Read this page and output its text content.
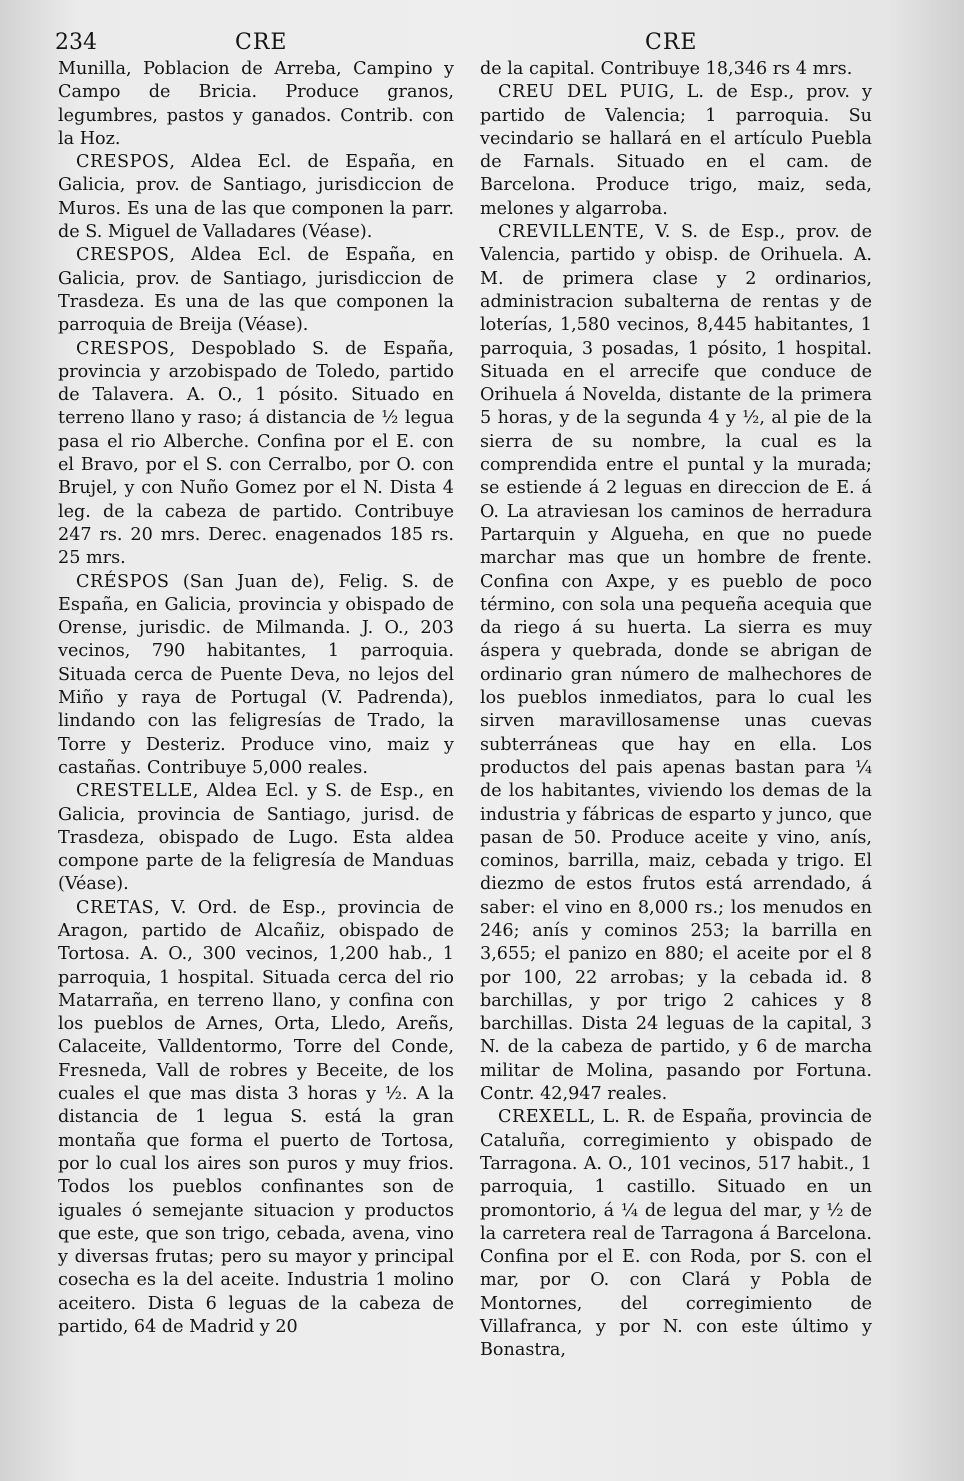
234	CRE	CRE

Munilla, Poblacion de Arreba, Campino y Campo de Bricia. Produce granos, legumbres, pastos y ganados. Contrib. con la Hoz.

CRESPOS, Aldea Ecl. de España, en Galicia, prov. de Santiago, jurisdiccion de Muros. Es una de las que componen la parr. de S. Miguel de Valladares (Véase).

CRESPOS, Aldea Ecl. de España, en Galicia, prov. de Santiago, jurisdiccion de Trasdeza. Es una de las que componen la parroquia de Breija (Véase).

CRESPOS, Despoblado S. de España, provincia y arzobispado de Toledo, partido de Talavera. A. O., 1 pósito. Situado en terreno llano y raso; á distancia de ½ legua pasa el rio Alberche. Confina por el E. con el Bravo, por el S. con Cerralbo, por O. con Brujel, y con Nuño Gomez por el N. Dista 4 leg. de la cabeza de partido. Contribuye 247 rs. 20 mrs. Derec. enagenados 185 rs. 25 mrs.

CRÉSPOS (San Juan de), Felig. S. de España, en Galicia, provincia y obispado de Orense, jurisdic. de Milmanda. J. O., 203 vecinos, 790 habitantes, 1 parroquia. Situada cerca de Puente Deva, no lejos del Miño y raya de Portugal (V. Padrenda), lindando con las feligresías de Trado, la Torre y Desteriz. Produce vino, maiz y castañas. Contribuye 5,000 reales.

CRESTELLE, Aldea Ecl. y S. de Esp., en Galicia, provincia de Santiago, jurisd. de Trasdeza, obispado de Lugo. Esta aldea compone parte de la feligresía de Manduas (Véase).

CRETAS, V. Ord. de Esp., provincia de Aragon, partido de Alcañiz, obispado de Tortosa. A. O., 300 vecinos, 1,200 hab., 1 parroquia, 1 hospital. Situada cerca del rio Matarraña, en terreno llano, y confina con los pueblos de Arnes, Orta, Lledo, Areñs, Calaceite, Valldentormo, Torre del Conde, Fresneda, Vall de robres y Beceite, de los cuales el que mas dista 3 horas y ½. A la distancia de 1 legua S. está la gran montaña que forma el puerto de Tortosa, por lo cual los aires son puros y muy frios. Todos los pueblos confinantes son de iguales ó semejante situacion y productos que este, que son trigo, cebada, avena, vino y diversas frutas; pero su mayor y principal cosecha es la del aceite. Industria 1 molino aceitero. Dista 6 leguas de la cabeza de partido, 64 de Madrid y 20

de la capital. Contribuye 18,346 rs 4 mrs.

CREU DEL PUIG, L. de Esp., prov. y partido de Valencia; 1 parroquia. Su vecindario se hallará en el artículo Puebla de Farnals. Situado en el cam. de Barcelona. Produce trigo, maiz, seda, melones y algarroba.

CREVILLENTE, V. S. de Esp., prov. de Valencia, partido y obisp. de Orihuela. A. M. de primera clase y 2 ordinarios, administracion subalterna de rentas y de loterías, 1,580 vecinos, 8,445 habitantes, 1 parroquia, 3 posadas, 1 pósito, 1 hospital. Situada en el arrecife que conduce de Orihuela á Novelda, distante de la primera 5 horas, y de la segunda 4 y ½, al pie de la sierra de su nombre, la cual es la comprendida entre el puntal y la murada; se estiende á 2 leguas en direccion de E. á O. La atraviesan los caminos de herradura Partarquin y Algueha, en que no puede marchar mas que un hombre de frente. Confina con Axpe, y es pueblo de poco término, con sola una pequeña acequia que da riego á su huerta. La sierra es muy áspera y quebrada, donde se abrigan de ordinario gran número de malhechores de los pueblos inmediatos, para lo cual les sirven maravillosamense unas cuevas subterráneas que hay en ella. Los productos del pais apenas bastan para ¼ de los habitantes, viviendo los demas de la industria y fábricas de esparto y junco, que pasan de 50. Produce aceite y vino, anís, cominos, barrilla, maiz, cebada y trigo. El diezmo de estos frutos está arrendado, á saber: el vino en 8,000 rs.; los menudos en 246; anís y cominos 253; la barrilla en 3,655; el panizo en 880; el aceite por el 8 por 100, 22 arrobas; y la cebada id. 8 barchillas, y por trigo 2 cahices y 8 barchillas. Dista 24 leguas de la capital, 3 N. de la cabeza de partido, y 6 de marcha militar de Molina, pasando por Fortuna. Contr. 42,947 reales.

CREXELL, L. R. de España, provincia de Cataluña, corregimiento y obispado de Tarragona. A. O., 101 vecinos, 517 habit., 1 parroquia, 1 castillo. Situado en un promontorio, á ¼ de legua del mar, y ½ de la carretera real de Tarragona á Barcelona. Confina por el E. con Roda, por S. con el mar, por O. con Clará y Pobla de Montornes, del corregimiento de Villafranca, y por N. con este último y Bonastra,
